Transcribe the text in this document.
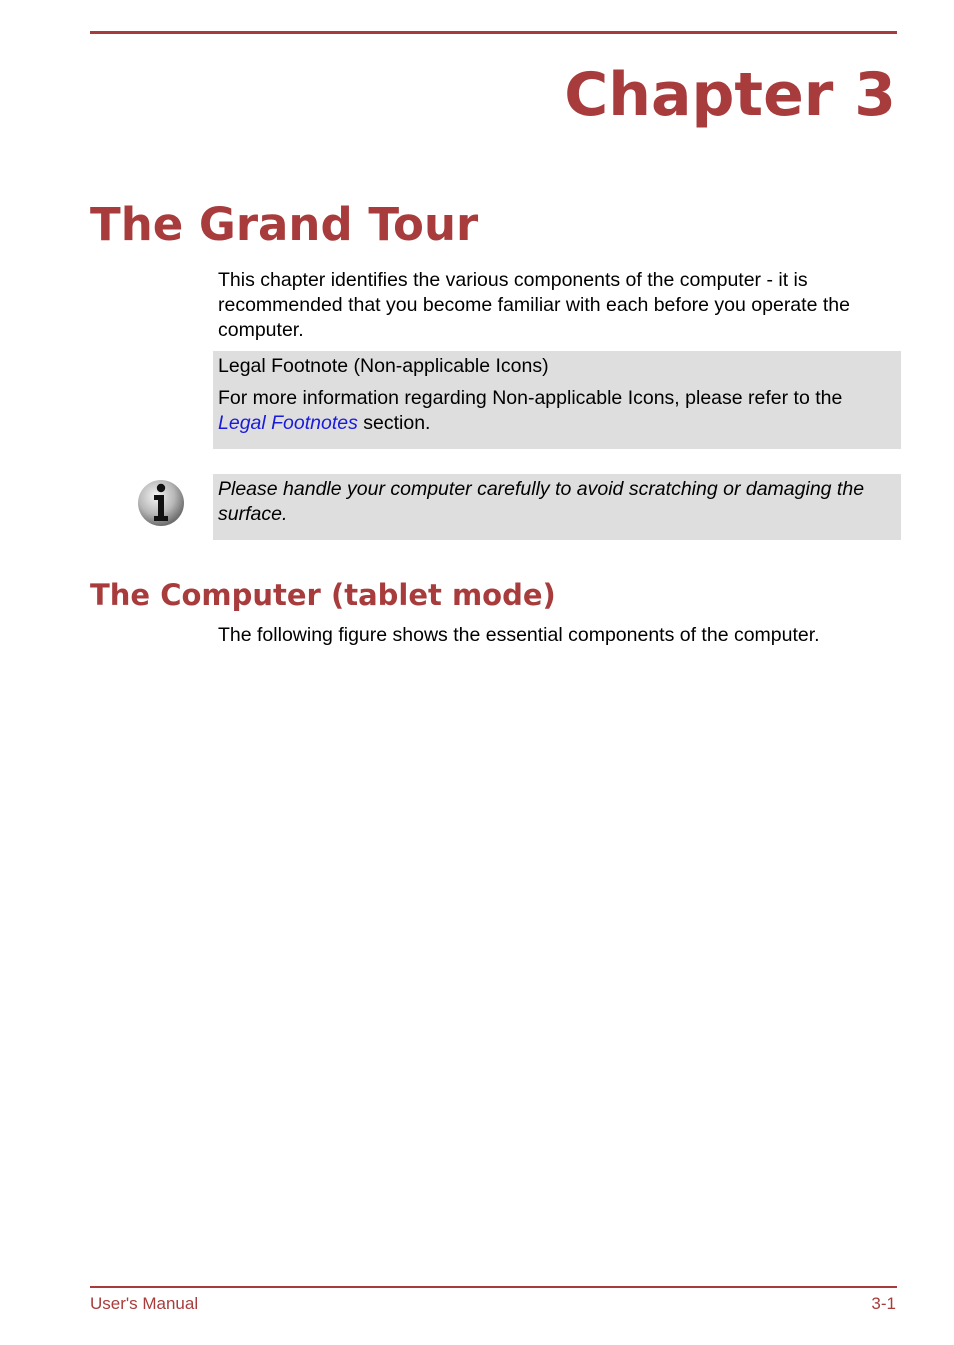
Chapter 3
The Grand Tour

This chapter identifies the various components of the computer - it is recommended that you become familiar with each before you operate the computer.

Legal Footnote (Non-applicable Icons)

For more information regarding Non-applicable Icons, please refer to the Legal Footnotes section.

Please handle your computer carefully to avoid scratching or damaging the surface.

The Computer (tablet mode)

The following figure shows the essential components of the computer.

User's Manual	3-1
